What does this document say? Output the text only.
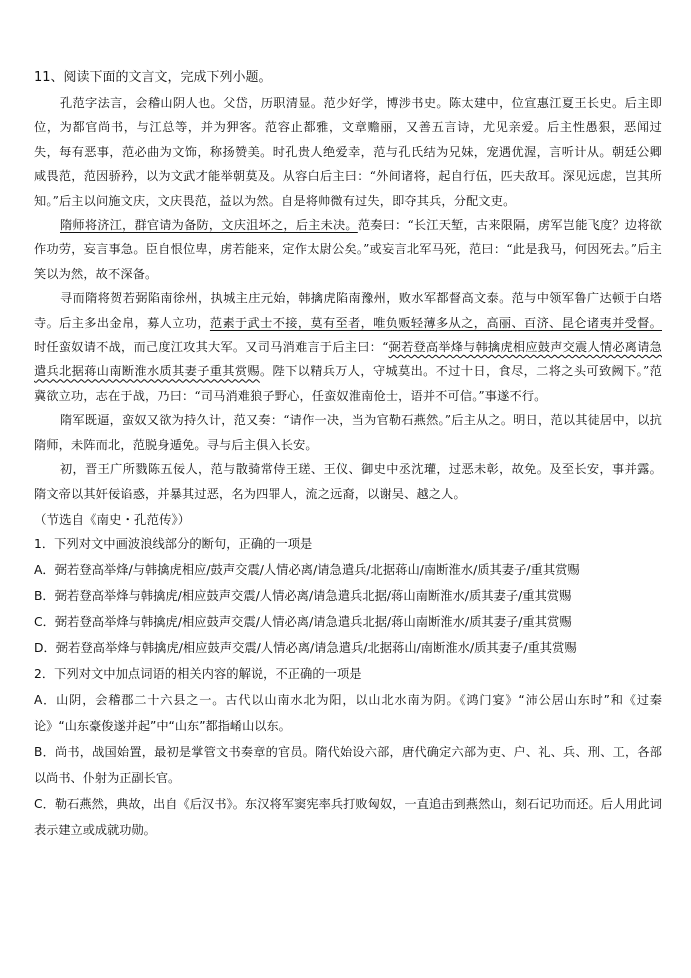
11、阅读下面的文言文，完成下列小题。

孔范字法言，会稽山阴人也。父岱，历职清显。范少好学，博涉书史。陈太建中，位宣惠江夏王长史。后主即位，为都官尚书，与江总等，并为狎客。范容止都雅，文章赡丽，又善五言诗，尤见亲爱。后主性愚狠，恶闻过失，每有恶事，范必曲为文饰，称扬赞美。时孔贵人绝爱幸，范与孔氏结为兄妹，宠遇优渥，言听计从。朝廷公卿咸畏范，范因骄矜，以为文武才能举朝莫及。从容白后主曰：“外间诸将，起自行伍，匹夫敌耳。深见远虑，岂其所知。”后主以问施文庆，文庆畏范，益以为然。自是将帅微有过失，即夺其兵，分配文吏。

隋师将济江，群官请为备防，文庆沮坏之，后主未决。范奏曰：“长江天堑，古来限隔，虏军岂能飞度？边将欲作功劳，妄言事急。臣自恨位卑，虏若能来，定作太尉公矣。”或妄言北军马死，范曰：“此是我马，何因死去。”后主笑以为然，故不深备。

寻而隋将贺若弼陷南徐州，执城主庄元始，韩擒虎陷南豫州，败水军都督高文泰。范与中领军鲁广达顿于白塔寺。后主多出金帛，募人立功，范素于武士不接，莫有至者，唯负贩轻薄多从之，高丽、百济、昆仑诸夷并受督。时任蛮奴请不战，而己度江攻其大军。又司马消难言于后主曰：“弼若登高举烽与韩擒虎相应鼓声交震人情必离请急遣兵北据蒋山南断淮水质其妻子重其赏赐。陛下以精兵万人，守城莫出。不过十日，食尽，二将之头可致阙下。”范冀欲立功，志在于战，乃曰：“司马消难狼子野心，任蛮奴淮南伧士，语并不可信。”事遂不行。

隋军既逼，蛮奴又欲为持久计，范又奏：“请作一决，当为官勒石燕然。”后主从之。明日，范以其徒居中，以抗隋师，未阵而北，范脱身遁免。寻与后主俱入长安。

初，晋王广所戮陈五佞人，范与散骑常侍王瑳、王仪、御史中丞沈瓘，过恶未彰，故免。及至长安，事并露。隋文帝以其奸佞谄惑，并暴其过恶，名为四罪人，流之远裔，以谢吴、越之人。

（节选自《南史・孔范传》）

1．下列对文中画波浪线部分的断句，正确的一项是

A．弼若登高举烽/与韩擒虎相应/鼓声交震/人情必离/请急遣兵/北据蒋山/南断淮水/质其妻子/重其赏赐

B．弼若登高举烽与韩擒虎/相应鼓声交震/人情必离/请急遣兵北据/蒋山南断淮水/质其妻子/重其赏赐

C．弼若登高举烽与韩擒虎/相应鼓声交震/人情必离/请急遣兵北据/蒋山南断淮水/质其妻子/重其赏赐

D．弼若登高举烽与韩擒虎/相应鼓声交震/人情必离/请急遣兵/北据蒋山/南断淮水/质其妻子/重其赏赐

2．下列对文中加点词语的相关内容的解说，不正确的一项是

A．山阴，会稽郡二十六县之一。古代以山南水北为阳，以山北水南为阴。《鸿门宴》“沛公居山东时”和《过秦论》“山东豪俊遂并起”中“山东”都指崤山以东。

B．尚书，战国始置，最初是掌管文书奏章的官员。隋代始设六部，唐代确定六部为吏、户、礼、兵、刑、工，各部以尚书、仆射为正副长官。

C．勒石燕然，典故，出自《后汉书》。东汉将军窦宪率兵打败匈奴，一直追击到燕然山，刻石记功而还。后人用此词表示建立或成就功勋。
